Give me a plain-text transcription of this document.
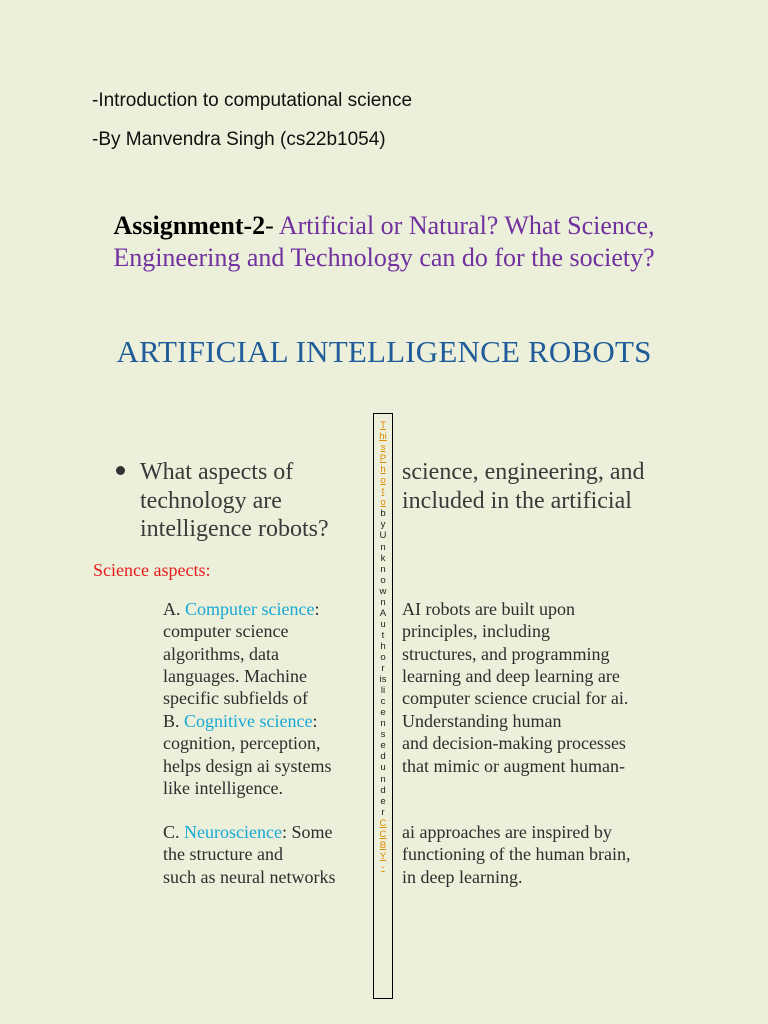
-Introduction to computational science
-By Manvendra Singh (cs22b1054)
Assignment-2- Artificial or Natural? What Science, Engineering and Technology can do for the society?
ARTIFICIAL INTELLIGENCE ROBOTS
T
hi
s
P
h
o
t
o
b
y
U
n
k
n
o
w
n
A
u
t
h
o
r
is
li
c
e
n
s
e
d
u
n
d
e
r
C
C
B
Y
-
What aspects of
technology are
intelligence robots?
science, engineering, and
included in the artificial
Science aspects:
A. Computer science:
computer science
algorithms, data
languages. Machine
specific subfields of
AI robots are built upon
principles, including
structures, and programming
learning and deep learning are
computer science crucial for ai.
B. Cognitive science:
cognition, perception,
helps design ai systems
like intelligence.
Understanding human
and decision-making processes
that mimic or augment human-
C. Neuroscience: Some
the structure and
such as neural networks
ai approaches are inspired by
functioning of the human brain,
in deep learning.
